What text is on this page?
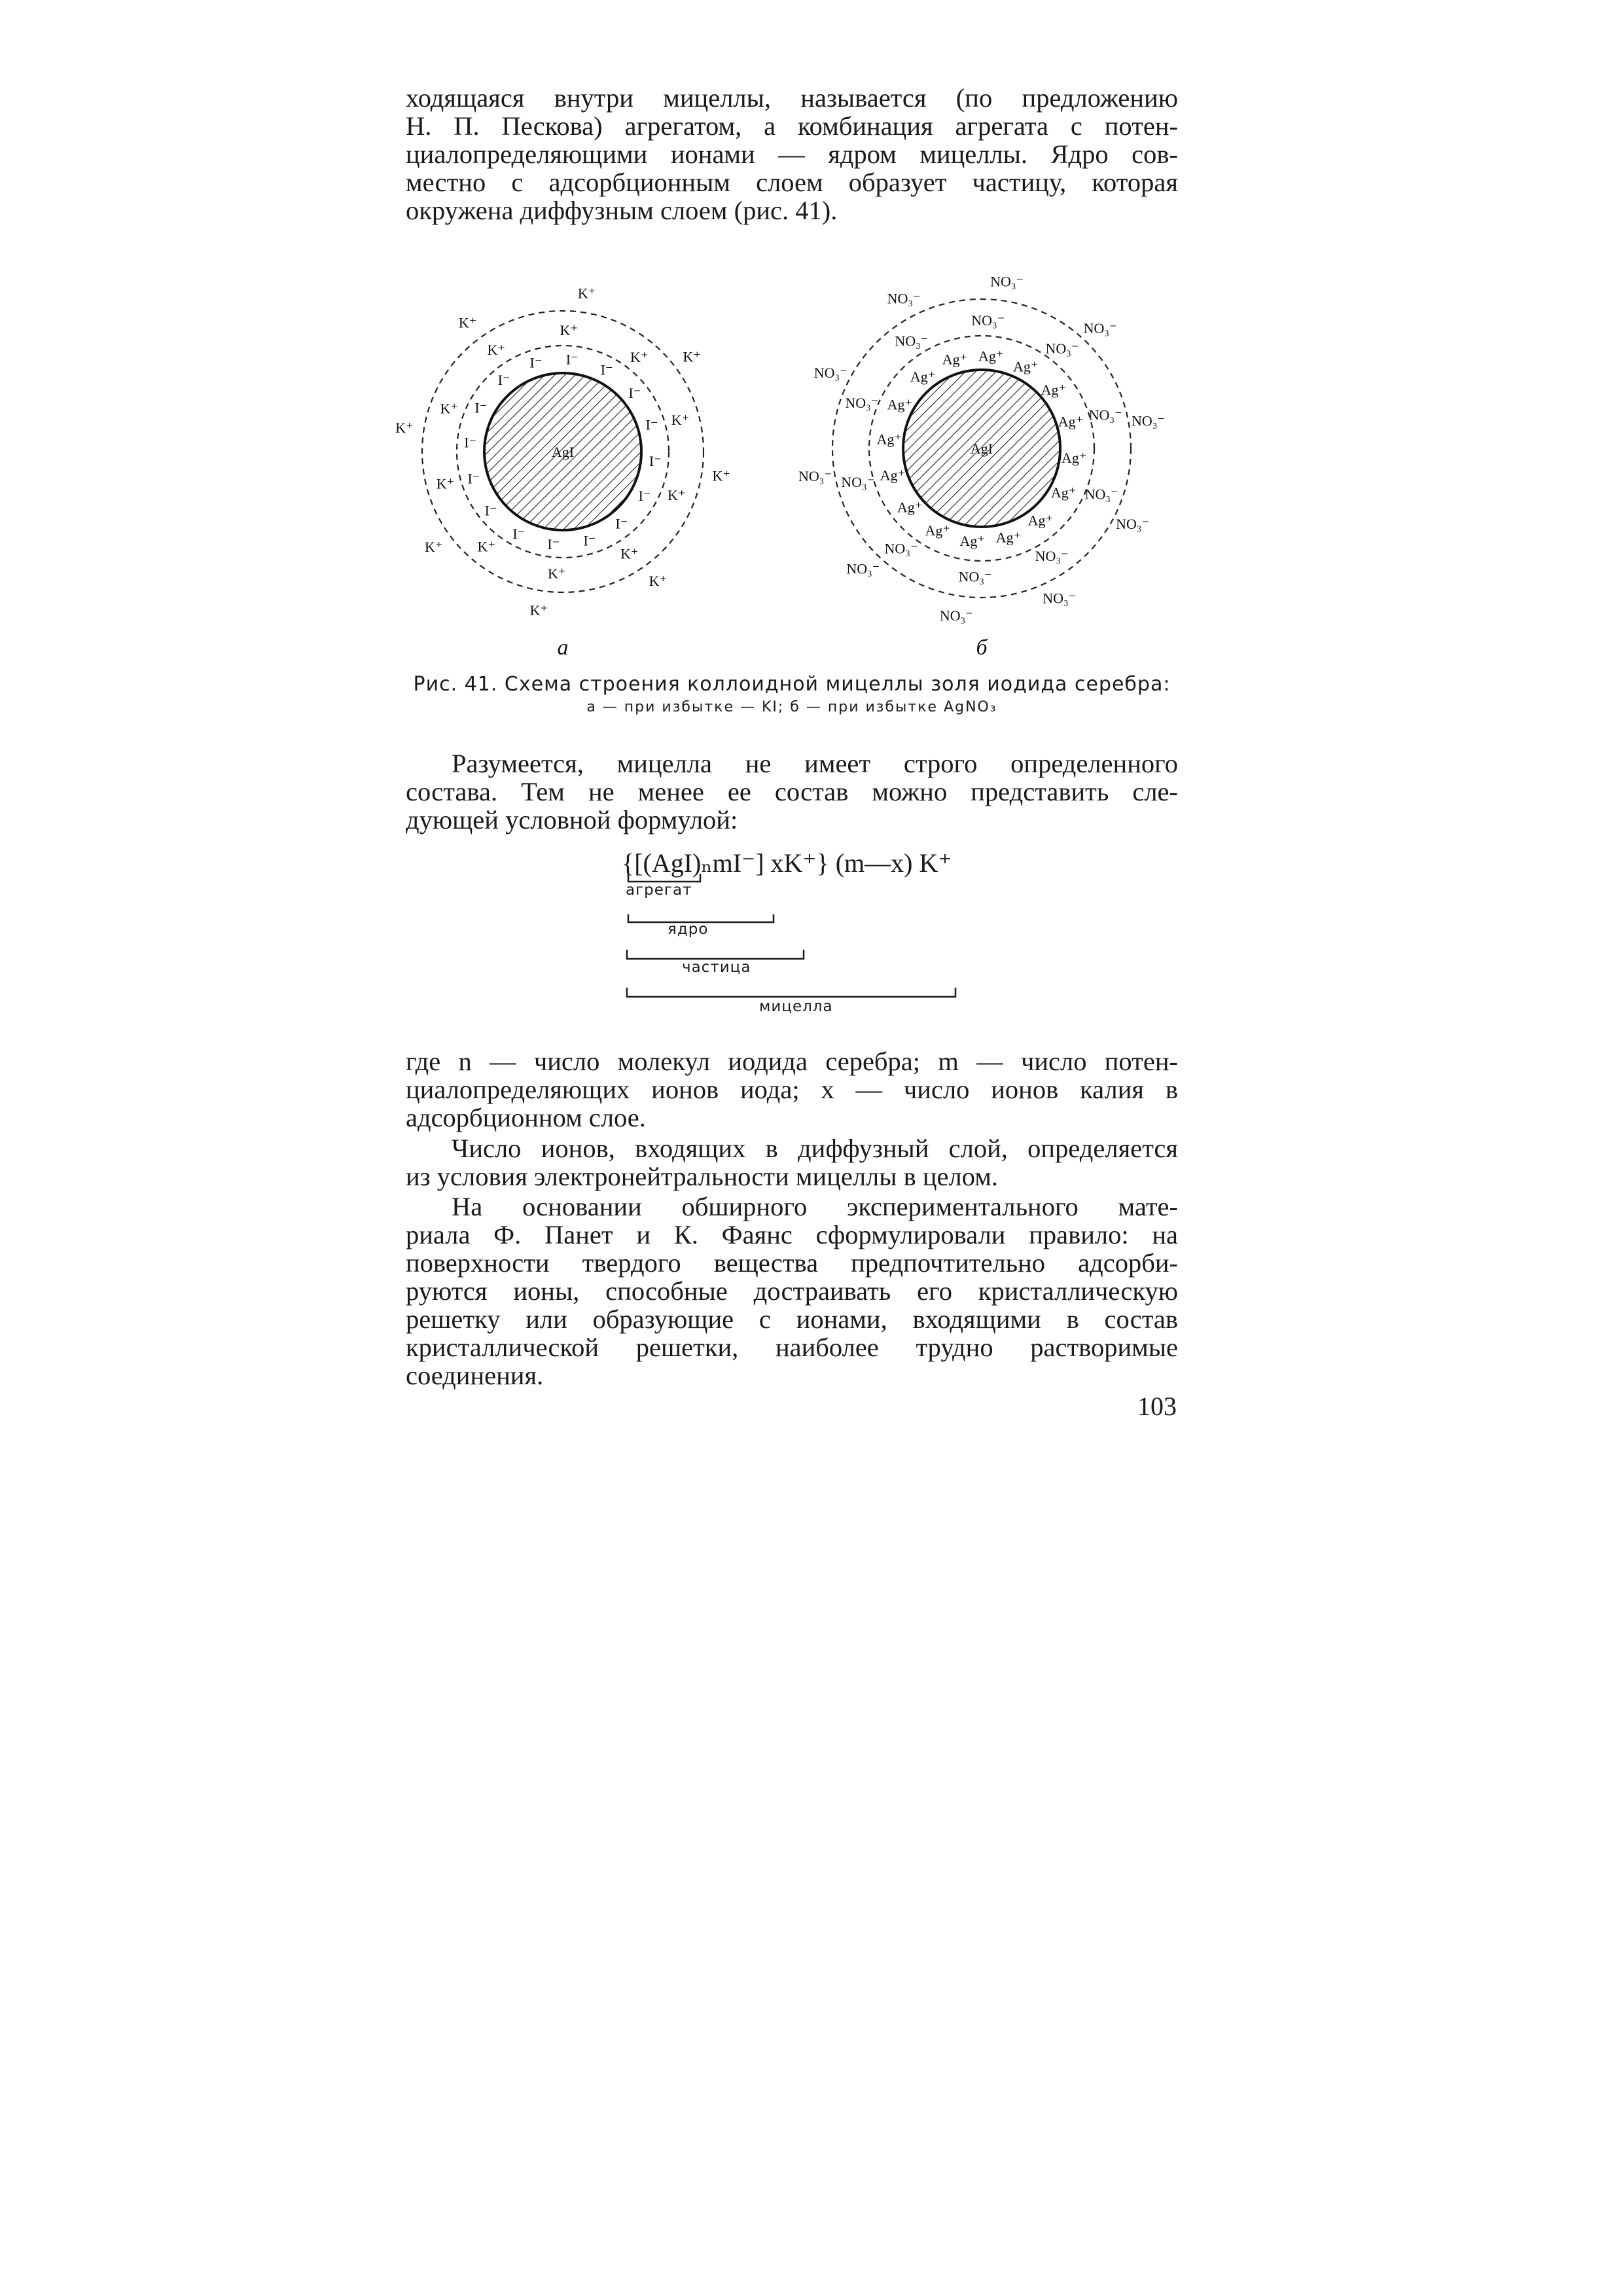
ходящаяся внутри мицеллы, называется (по предложению
Н. П. Пескова) агрегатом, а комбинация агрегата с потен-
циалопределяющими ионами — ядром мицеллы. Ядро сов-
местно с адсорбционным слоем образует частицу, которая
окружена диффузным слоем (рис. 41).
AgI
I⁻
I⁻
I⁻
I⁻
I⁻
I⁻
I⁻
I⁻
I⁻
I⁻
I⁻
I⁻
I⁻
I⁻
I⁻
I⁻
K⁺
K⁺
K⁺
K⁺
K⁺
K⁺
K⁺
K⁺
K⁺
K⁺
K⁺
K⁺
K⁺
K⁺
K⁺
K⁺
K⁺
K⁺
а
AgI
Ag⁺
Ag⁺
Ag⁺
Ag⁺
Ag⁺
Ag⁺
Ag⁺
Ag⁺
Ag⁺
Ag⁺
Ag⁺
Ag⁺
Ag⁺
Ag⁺
Ag⁺
Ag⁺
NO₃⁻
NO₃⁻
NO₃⁻
NO₃⁻
NO₃⁻
NO₃⁻
NO₃⁻
NO₃⁻
NO₃⁻
NO₃⁻
NO₃⁻
NO₃⁻
NO₃⁻
NO₃⁻
NO₃⁻
NO₃⁻
NO₃⁻
NO₃⁻
NO₃⁻
NO₃⁻
б

Рис. 41. Схема строения коллоидной мицеллы золя иодида серебра:

а — при избытке — KI; б — при избытке AgNO₃

Разумеется, мицелла не имеет строго определенного
состава. Тем не менее ее состав можно представить сле-
дующей условной формулой:
{[(AgI)ₙmI⁻] xK⁺} (m—x) K⁺
агрегат
ядро
частица
мицелла
где n — число молекул иодида серебра; m — число потен-
циалопределяющих ионов иода; x — число ионов калия в
адсорбционном слое.
Число ионов, входящих в диффузный слой, определяется
из условия электронейтральности мицеллы в целом.
На основании обширного экспериментального мате-
риала Ф. Панет и К. Фаянс сформулировали правило: на
поверхности твердого вещества предпочтительно адсорби-
руются ионы, способные достраивать его кристаллическую
решетку или образующие с ионами, входящими в состав
кристаллической решетки, наиболее трудно растворимые
соединения.

103
